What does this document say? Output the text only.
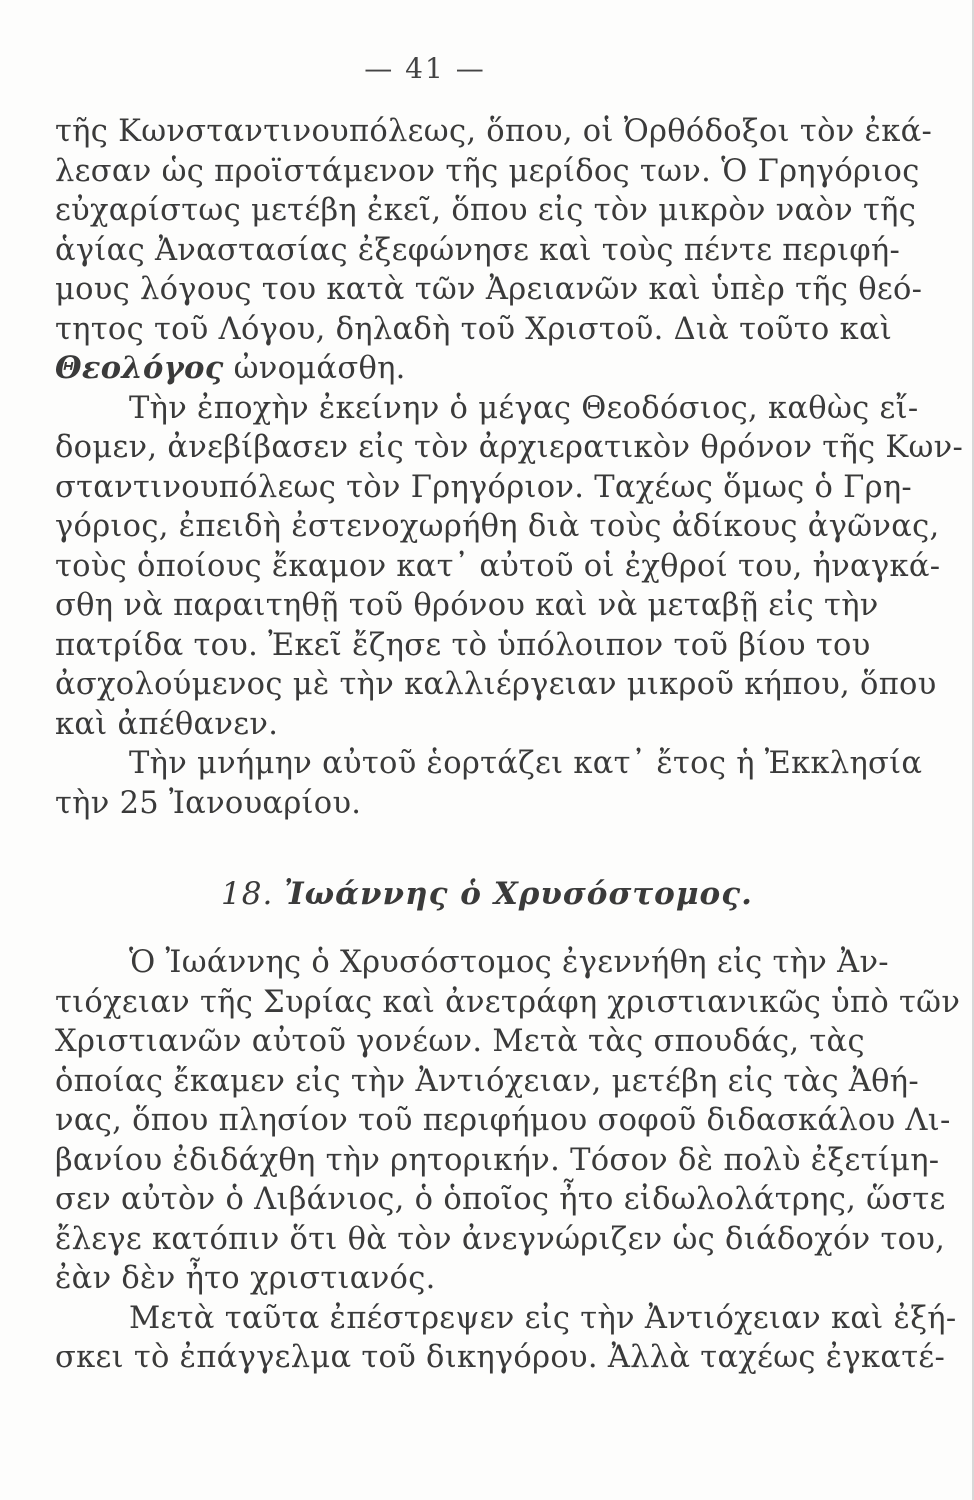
— 41 —
τῆς Κωνσταντινουπόλεως, ὅπου, οἱ Ὀρθόδοξοι τὸν ἐκά-
λεσαν ὡς προϊστάμενον τῆς μερίδος των. Ὁ Γρηγόριος
εὐχαρίστως μετέβη ἐκεῖ, ὅπου εἰς τὸν μικρὸν ναὸν τῆς
ἁγίας Ἀναστασίας ἐξεφώνησε καὶ τοὺς πέντε περιφή-
μους λόγους του κατὰ τῶν Ἀρειανῶν καὶ ὑπὲρ τῆς θεό-
τητος τοῦ Λόγου, δηλαδὴ τοῦ Χριστοῦ. Διὰ τοῦτο καὶ
Θεολόγος ὠνομάσθη.
Τὴν ἐποχὴν ἐκείνην ὁ μέγας Θεοδόσιος, καθὼς εἴ-
δομεν, ἀνεβίβασεν εἰς τὸν ἀρχιερατικὸν θρόνον τῆς Κων-
σταντινουπόλεως τὸν Γρηγόριον. Ταχέως ὅμως ὁ Γρη-
γόριος, ἐπειδὴ ἐστενοχωρήθη διὰ τοὺς ἀδίκους ἀγῶνας,
τοὺς ὁποίους ἔκαμον κατ᾿ αὐτοῦ οἱ ἐχθροί του, ἠναγκά-
σθη νὰ παραιτηθῇ τοῦ θρόνου καὶ νὰ μεταβῇ εἰς τὴν
πατρίδα του. Ἐκεῖ ἔζησε τὸ ὑπόλοιπον τοῦ βίου του
ἀσχολούμενος μὲ τὴν καλλιέργειαν μικροῦ κήπου, ὅπου
καὶ ἀπέθανεν.
Τὴν μνήμην αὐτοῦ ἑορτάζει κατ᾿ ἔτος ἡ Ἐκκλησία
τὴν 25 Ἰανουαρίου.
18. Ἰωάννης ὁ Χρυσόστομος.
Ὁ Ἰωάννης ὁ Χρυσόστομος ἐγεννήθη εἰς τὴν Ἀν-
τιόχειαν τῆς Συρίας καὶ ἀνετράφη χριστιανικῶς ὑπὸ τῶν
Χριστιανῶν αὐτοῦ γονέων. Μετὰ τὰς σπουδάς, τὰς
ὁποίας ἔκαμεν εἰς τὴν Ἀντιόχειαν, μετέβη εἰς τὰς Ἀθή-
νας, ὅπου πλησίον τοῦ περιφήμου σοφοῦ διδασκάλου Λι-
βανίου ἐδιδάχθη τὴν ρητορικήν. Τόσον δὲ πολὺ ἐξετίμη-
σεν αὐτὸν ὁ Λιβάνιος, ὁ ὁποῖος ἦτο εἰδωλολάτρης, ὥστε
ἔλεγε κατόπιν ὅτι θὰ τὸν ἀνεγνώριζεν ὡς διάδοχόν του,
ἐὰν δὲν ἦτο χριστιανός.
Μετὰ ταῦτα ἐπέστρεψεν εἰς τὴν Ἀντιόχειαν καὶ ἐξή-
σκει τὸ ἐπάγγελμα τοῦ δικηγόρου. Ἀλλὰ ταχέως ἐγκατέ-
